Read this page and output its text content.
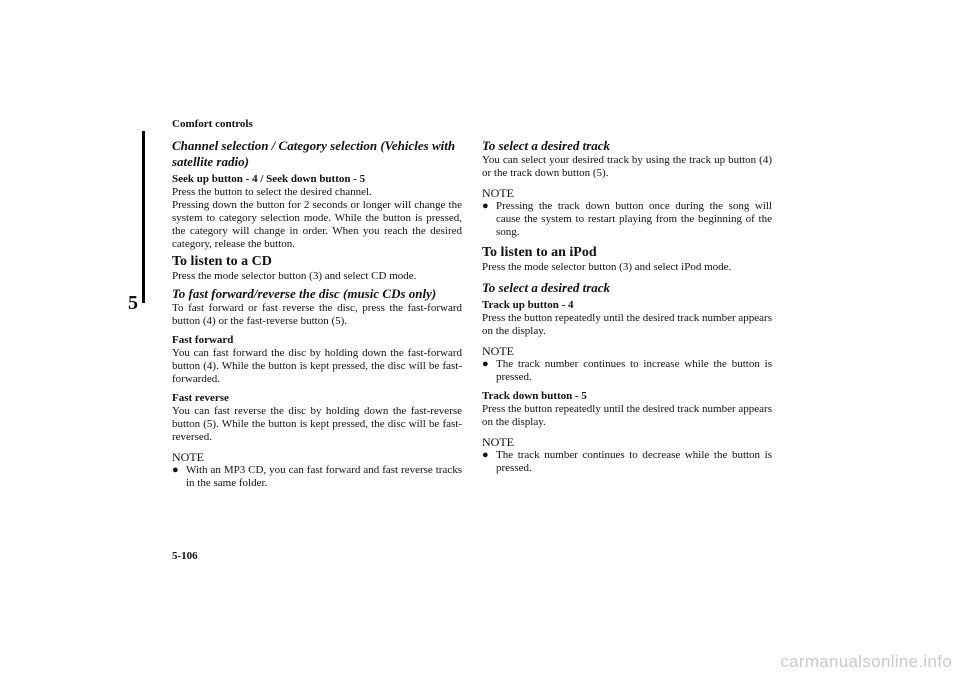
Comfort controls
5

Channel selection / Category selection (Vehicles with satellite radio)

Seek up button - 4 / Seek down button - 5

Press the button to select the desired channel.

Pressing down the button for 2 seconds or longer will change the system to category selection mode. While the button is pressed, the category will change in order. When you reach the desired category, release the button.

To listen to a CD

Press the mode selector button (3) and select CD mode.

To fast forward/reverse the disc (music CDs only)

To fast forward or fast reverse the disc, press the fast-forward button (4) or the fast-reverse button (5).

Fast forward

You can fast forward the disc by holding down the fast-forward button (4). While the button is kept pressed, the disc will be fast-forwarded.

Fast reverse

You can fast reverse the disc by holding down the fast-reverse button (5). While the button is kept pressed, the disc will be fast-reversed.

NOTE

● With an MP3 CD, you can fast forward and fast reverse tracks in the same folder.

To select a desired track

You can select your desired track by using the track up button (4) or the track down button (5).

NOTE

● Pressing the track down button once during the song will cause the system to restart playing from the beginning of the song.

To listen to an iPod

Press the mode selector button (3) and select iPod mode.

To select a desired track

Track up button - 4

Press the button repeatedly until the desired track number appears on the display.

NOTE

● The track number continues to increase while the button is pressed.

Track down button - 5

Press the button repeatedly until the desired track number appears on the display.

NOTE

● The track number continues to decrease while the button is pressed.
5-106
carmanualsonline.info
